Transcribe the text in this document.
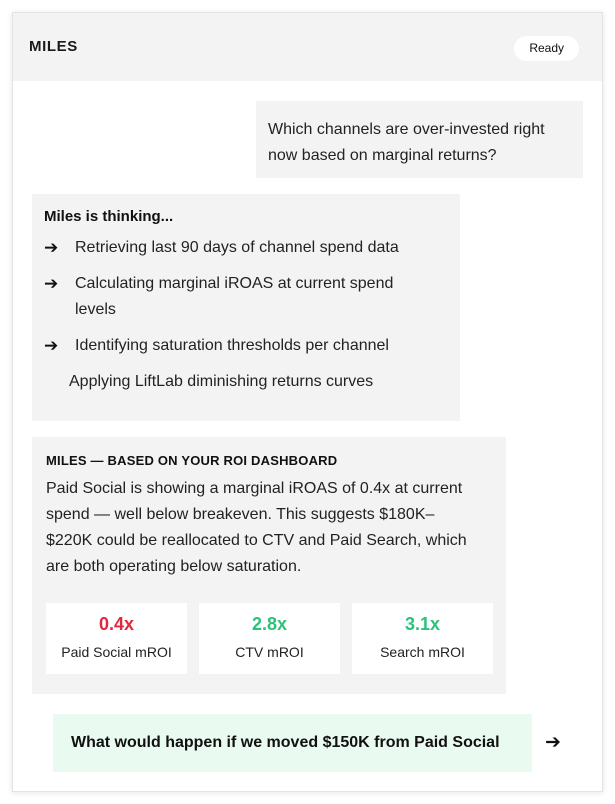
MILES	Ready
Which channels are over-invested right now based on marginal returns?
Miles is thinking...
➔	Retrieving last 90 days of channel spend data
➔	Calculating marginal iROAS at current spend levels
➔	Identifying saturation thresholds per channel
Applying LiftLab diminishing returns curves
MILES — BASED ON YOUR ROI DASHBOARD
Paid Social is showing a marginal iROAS of 0.4x at current spend — well below breakeven. This suggests $180K–$220K could be reallocated to CTV and Paid Search, which are both operating below saturation.
0.4x
Paid Social mROI
2.8x
CTV mROI
3.1x
Search mROI
What would happen if we moved $150K from Paid Social	➔
